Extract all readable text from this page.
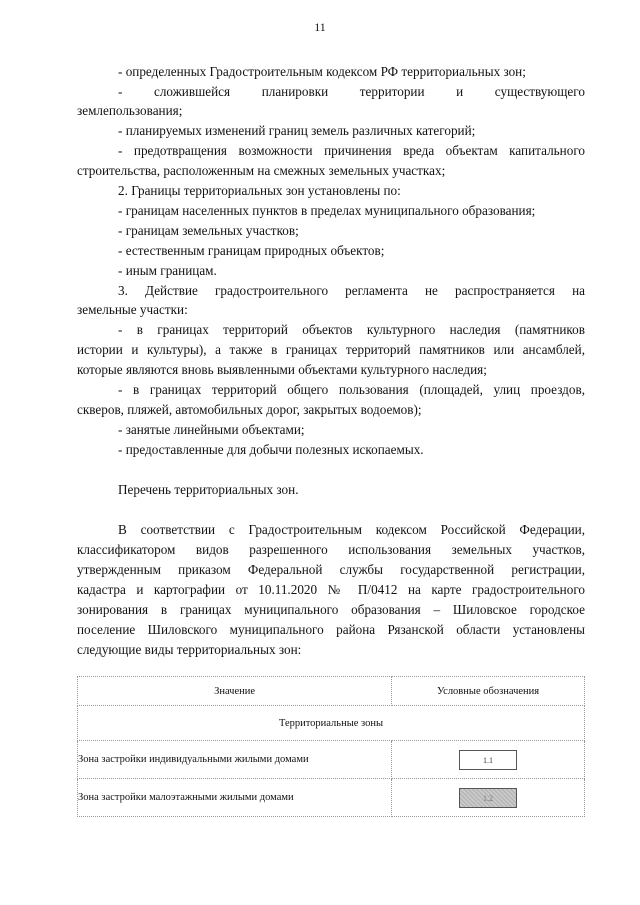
11
- определенных Градостроительным кодексом РФ территориальных зон;
- сложившейся планировки территории и существующего
землепользования;
- планируемых изменений границ земель различных категорий;
- предотвращения возможности причинения вреда объектам капитального
строительства, расположенным на смежных земельных участках;
2. Границы территориальных зон установлены по:
- границам населенных пунктов в пределах муниципального образования;
- границам земельных участков;
- естественным границам природных объектов;
- иным границам.
3. Действие градостроительного регламента не распространяется на
земельные участки:
- в границах территорий объектов культурного наследия (памятников
истории и культуры), а также в границах территорий памятников или ансамблей,
которые являются вновь выявленными объектами культурного наследия;
- в границах территорий общего пользования (площадей, улиц проездов,
скверов, пляжей, автомобильных дорог, закрытых водоемов);
- занятые линейными объектами;
- предоставленные для добычи полезных ископаемых.
Перечень территориальных зон.
В соответствии с Градостроительным кодексом Российской Федерации,
классификатором видов разрешенного использования земельных участков,
утвержденным приказом Федеральной службы государственной регистрации,
кадастра и картографии от 10.11.2020 № П/0412 на карте градостроительного
зонирования в границах муниципального образования – Шиловское городское
поселение Шиловского муниципального района Рязанской области установлены
следующие виды территориальных зон:
Значение	Условные обозначения
Территориальные зоны	
Зона застройки индивидуальными жилыми домами	1.1
Зона застройки малоэтажными жилыми домами	1.2
